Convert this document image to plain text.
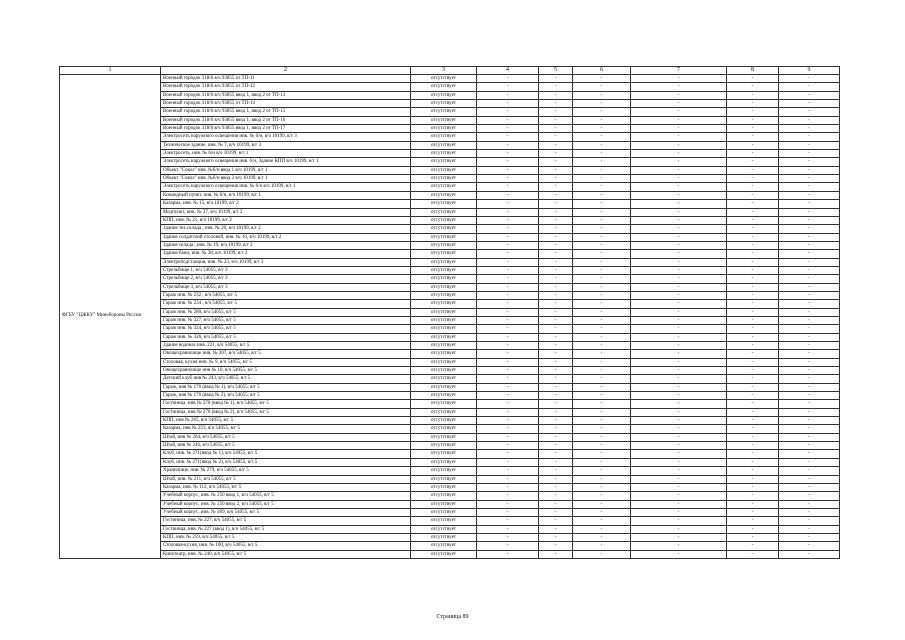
1	2	3	4	5	6	7	8	9
ФГБУ "ЦЖКУ" Минобороны России	Военный городок 318/6 в/ч 93855 от ТП-11	отсутствует	-	-	-	-	-	-
	Военный городок 318/6 в/ч 93855 от ТП-12	отсутствует	-	-	-	-	-	-
	Военный городок 318/6 в/ч 93855 ввод 1, ввод 2 от ТП-13	отсутствует	-	-	-	-	-	-
	Военный городок 318/6 в/ч 93855 от ТП-14	отсутствует	-	-	-	-	-	-
	Военный городок 318/6 в/ч 93855 ввод 1, ввод 2 от ТП-15	отсутствует	-	-	-	-	-	-
	Военный городок 318/6 в/ч 93855 ввод 1, ввод 2 от ТП-16	отсутствует	-	-	-	-	-	-
	Военный городок 318/6 в/ч 93855 ввод 1, ввод 2 от ТП-17	отсутствует	-	-	-	-	-	-
	Электросеть наружного освещения инв. № 6/н, в/ч 10199, в/г 3	отсутствует	-	-	-	-	-	-
	Техническое здание, инв. № 7, в/ч 10199, в/г 3	отсутствует	-	-	-	-	-	-
	Электросеть, инв. № 6/н в/ч 10199, в/г 1	отсутствует	-	-	-	-	-	-
	Электросеть наружного освещения инв. 6/н, Здание КПП в/ч 10199, в/г 1	отсутствует	-	-	-	-	-	-
	Объект "Сокол" инв. №б/н ввод 1 в/ч 10199, в/г 1	отсутствует	-	-	-	-	-	-
	Объект "Сокол" инв. №б/н ввод 2 в/ч 10199, в/г 1	отсутствует	-	-	-	-	-	-
	Электросеть наружного освещения инв. № 6/н в/ч 10199, в/г 1	отсутствует	-	-	-	-	-	-
	Командный пункт, инв. № 6/н, в/ч 10199, в/г 1	отсутствует	-	-	-	-	-	-
	Казарма, инв. № 15, в/ч 10199, в/г 2	отсутствует	-	-	-	-	-	-
	Медпункт, инв. № 37, в/ч 10199, в/г 2	отсутствует	-	-	-	-	-	-
	КПП, инв. № 21, в/ч 10199, в/г 2	отсутствует	-	-	-	-	-	-
	Здание тех.склада , инв. № 20, в/ч 10199, в/г 2	отсутствует	-	-	-	-	-	-
	Здание солдатской столовой, инв. № 16, в/ч 10199, в/г 2	отсутствует	-	-	-	-	-	-
	Здание склада , инв. № 19, в/ч 10199, в/г 2	отсутствует	-	-	-	-	-	-
	Здание бани, инв. № 38, в/ч 10199, в/г 2	отсутствует	-	-	-	-	-	-
	Электроподстанция, инв. № 23, в/ч 10199, в/г 2	отсутствует	-	-	-	-	-	-
	Стрельбище 1, в/ч 54055, в/г 3	отсутствует	-	-	-	-	-	-
	Стрельбище 2, в/ч 54055, в/г 3	отсутствует	-	-	-	-	-	-
	Стрельбище 3, в/ч 54055, в/г 3	отсутствует	-	-	-	-	-	-
	Гараж инв. № 232 , в/ч 54055, в/г 5	отсутствует	-	-	-	-	-	-
	Гараж инв. № 234 , в/ч 54055, в/г 5	отсутствует	-	-	-	-	-	-
	Гараж инв. № 280, в/ч 54055, в/г 5	отсутствует	-	-	-	-	-	-
	Гараж инв. № 327, в/ч 54055, в/г 5	отсутствует	-	-	-	-	-	-
	Гараж инв. № 324, в/ч 54055, в/г 5	отсутствует	-	-	-	-	-	-
	Гараж инв. № 326, в/ч 54055, в/г 5	отсутствует	-	-	-	-	-	-
	Здание водонас.инв. 221, в/ч 54055, в/г 5	отсутствует	-	-	-	-	-	-
	Овощехранилище инв. № 307, в/ч 54055, в/г 5	отсутствует	-	-	-	-	-	-
	Столовая, кухня инв. № 9, в/ч 54055, в/г 5	отсутствует	-	-	-	-	-	-
	Овощехранилище инв № 10, в/ч 54055, в/г 5	отсутствует	-	-	-	-	-	-
	Детский клуб инв № 243, в/ч 54055, в/г 5	отсутствует	-	-	-	-	-	-
	Гараж, инв № 176 (ввод № 1), в/ч 54055, в/г 5	отсутствует	-	-	-	-	-	-
	Гараж, инв № 176 (ввод № 2), в/ч 54055, в/г 5	отсутствует	-	-	-	-	-	-
	Гостиница, инв № 270 (ввод № 1), в/ч 54055, в/г 5	отсутствует	-	-	-	-	-	-
	Гостиница, инв № 270 (ввод № 2), в/ч 54055, в/г 5	отсутствует	-	-	-	-	-	-
	КПП, инв № 265, в/ч 54055, в/г 5	отсутствует	-	-	-	-	-	-
	Казарма, инв № 253, в/ч 54055, в/г 5	отсутствует	-	-	-	-	-	-
	Штаб, инв № 264, в/ч 54055, в/г 5	отсутствует	-	-	-	-	-	-
	Штаб, инв № 246, в/ч 54055, в/г 5	отсутствует	-	-	-	-	-	-
	Клуб, инв. № 271(ввод № 1), в/ч 54055, в/г 5	отсутствует	-	-	-	-	-	-
	Клуб, инв. № 271(ввод № 2), в/ч 54055, в/г 5	отсутствует	-	-	-	-	-	-
	Хранилище, инв. № 279, в/ч 54055, в/г 5	отсутствует	-	-	-	-	-	-
	Штаб, инв. № 211, в/ч 54055, в/г 5	отсутствует	-	-	-	-	-	-
	Казарма, инв. № 112, в/ч 54055, в/г 5	отсутствует	-	-	-	-	-	-
	Учебный корпус, инв. № 250 ввод 1, в/ч 54055, в/г 5	отсутствует	-	-	-	-	-	-
	Учебный корпус, инв. № 250 ввод 2, в/ч 54055, в/г 5	отсутствует	-	-	-	-	-	-
	Учебный корпус, инв. № 209, в/ч 54055, в/г 5	отсутствует	-	-	-	-	-	-
	Гостиница, инв. № 227, в/ч 54055, в/г 5	отсутствует	-	-	-	-	-	-
	Гостиница, инв. № 227 (ввод 1), в/ч 54055, в/г 5	отсутствует	-	-	-	-	-	-
	КПП, инв. № 259, в/ч 54055, в/г 5	отсутствует	-	-	-	-	-	-
	Столовая-кухня, инв. № 100, в/ч 54055, в/г 5	отсутствует	-	-	-	-	-	-
	Кинотеатр, инв. № 240, в/ч 54055, в/г 5	отсутствует	-	-	-	-	-	-
Страница 89
